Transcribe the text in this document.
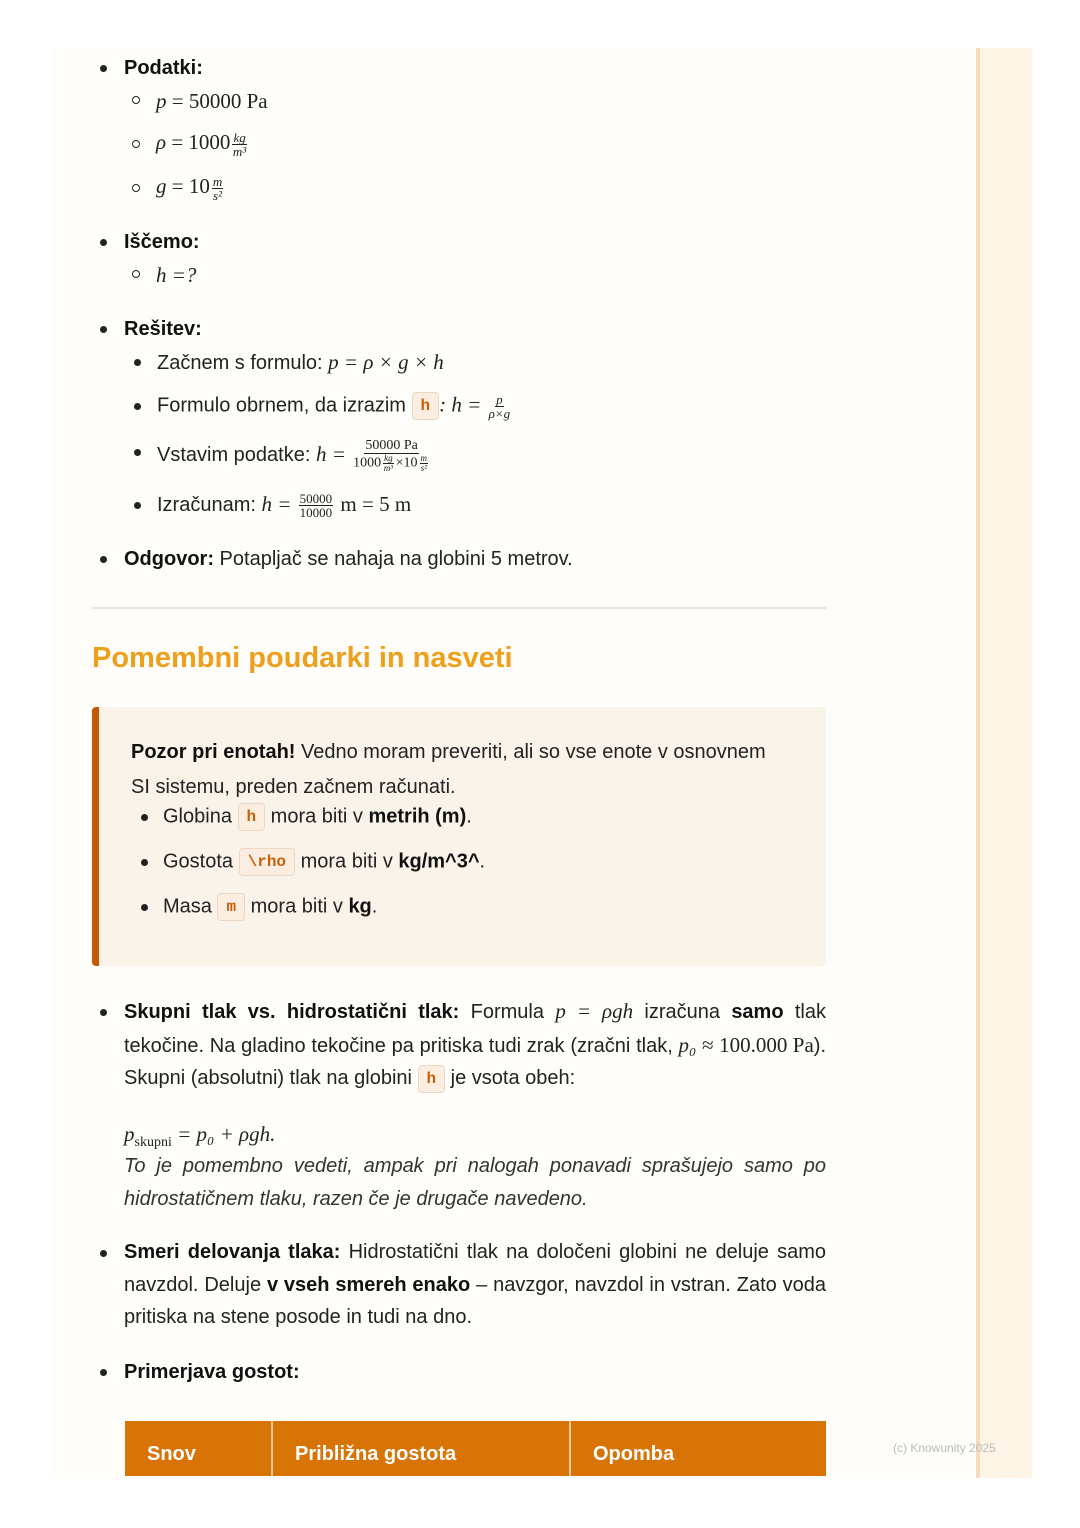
Podatki:
p = 50000 Pa
$\rho = 1000 \frac{kg}{\text{m³}}$
$g = 10 \frac{m}{\text{s²}}$
Iščemo:
h =?
Rešitev:
Začnem s formulo: p = ρ × g × h
Formulo obrnem, da izrazim h : $h = \frac{p}{\rho\times g}$
Vstavim podatke: $h = \frac{50000 Pa}{1000 \frac{kg}{\text{m³}} \times 10 \frac{m}{\text{s²}}}$
Izračunam: $h = \frac{50000}{10000}$ m = 5 m
Odgovor: Potapljač se nahaja na globini 5 metrov.
Pomembni poudarki in nasveti
Pozor pri enotah! Vedno moram preveriti, ali so vse enote v osnovnem
SI sistemu, preden začnem računati.
Globina h mora biti v metrih (m).
Gostota \rho mora biti v kg/m^3^.
Masa m mora biti v kg.
Skupni tlak vs. hidrostatični tlak: Formula p = ρgh izračuna samo tlak tekočine. Na gladino tekočine pa pritiska tudi zrak (zračni tlak, p₀ ≈ 100.000 Pa). Skupni (absolutni) tlak na globini h je vsota obeh:
$p_{skupni} = p_0 + \rho gh$.
To je pomembno vedeti, ampak pri nalogah ponavadi sprašujejo samo po hidrostatičnem tlaku, razen če je drugače navedeno.
Smeri delovanja tlaka: Hidrostatični tlak na določeni globini ne deluje samo navzdol. Deluje v vseh smereh enako – navzgor, navzdol in vstran. Zato voda pritiska na stene posode in tudi na dno.
Primerjava gostot:
Snov	Približna gostota	Opomba	(c) Knowunity 2025
